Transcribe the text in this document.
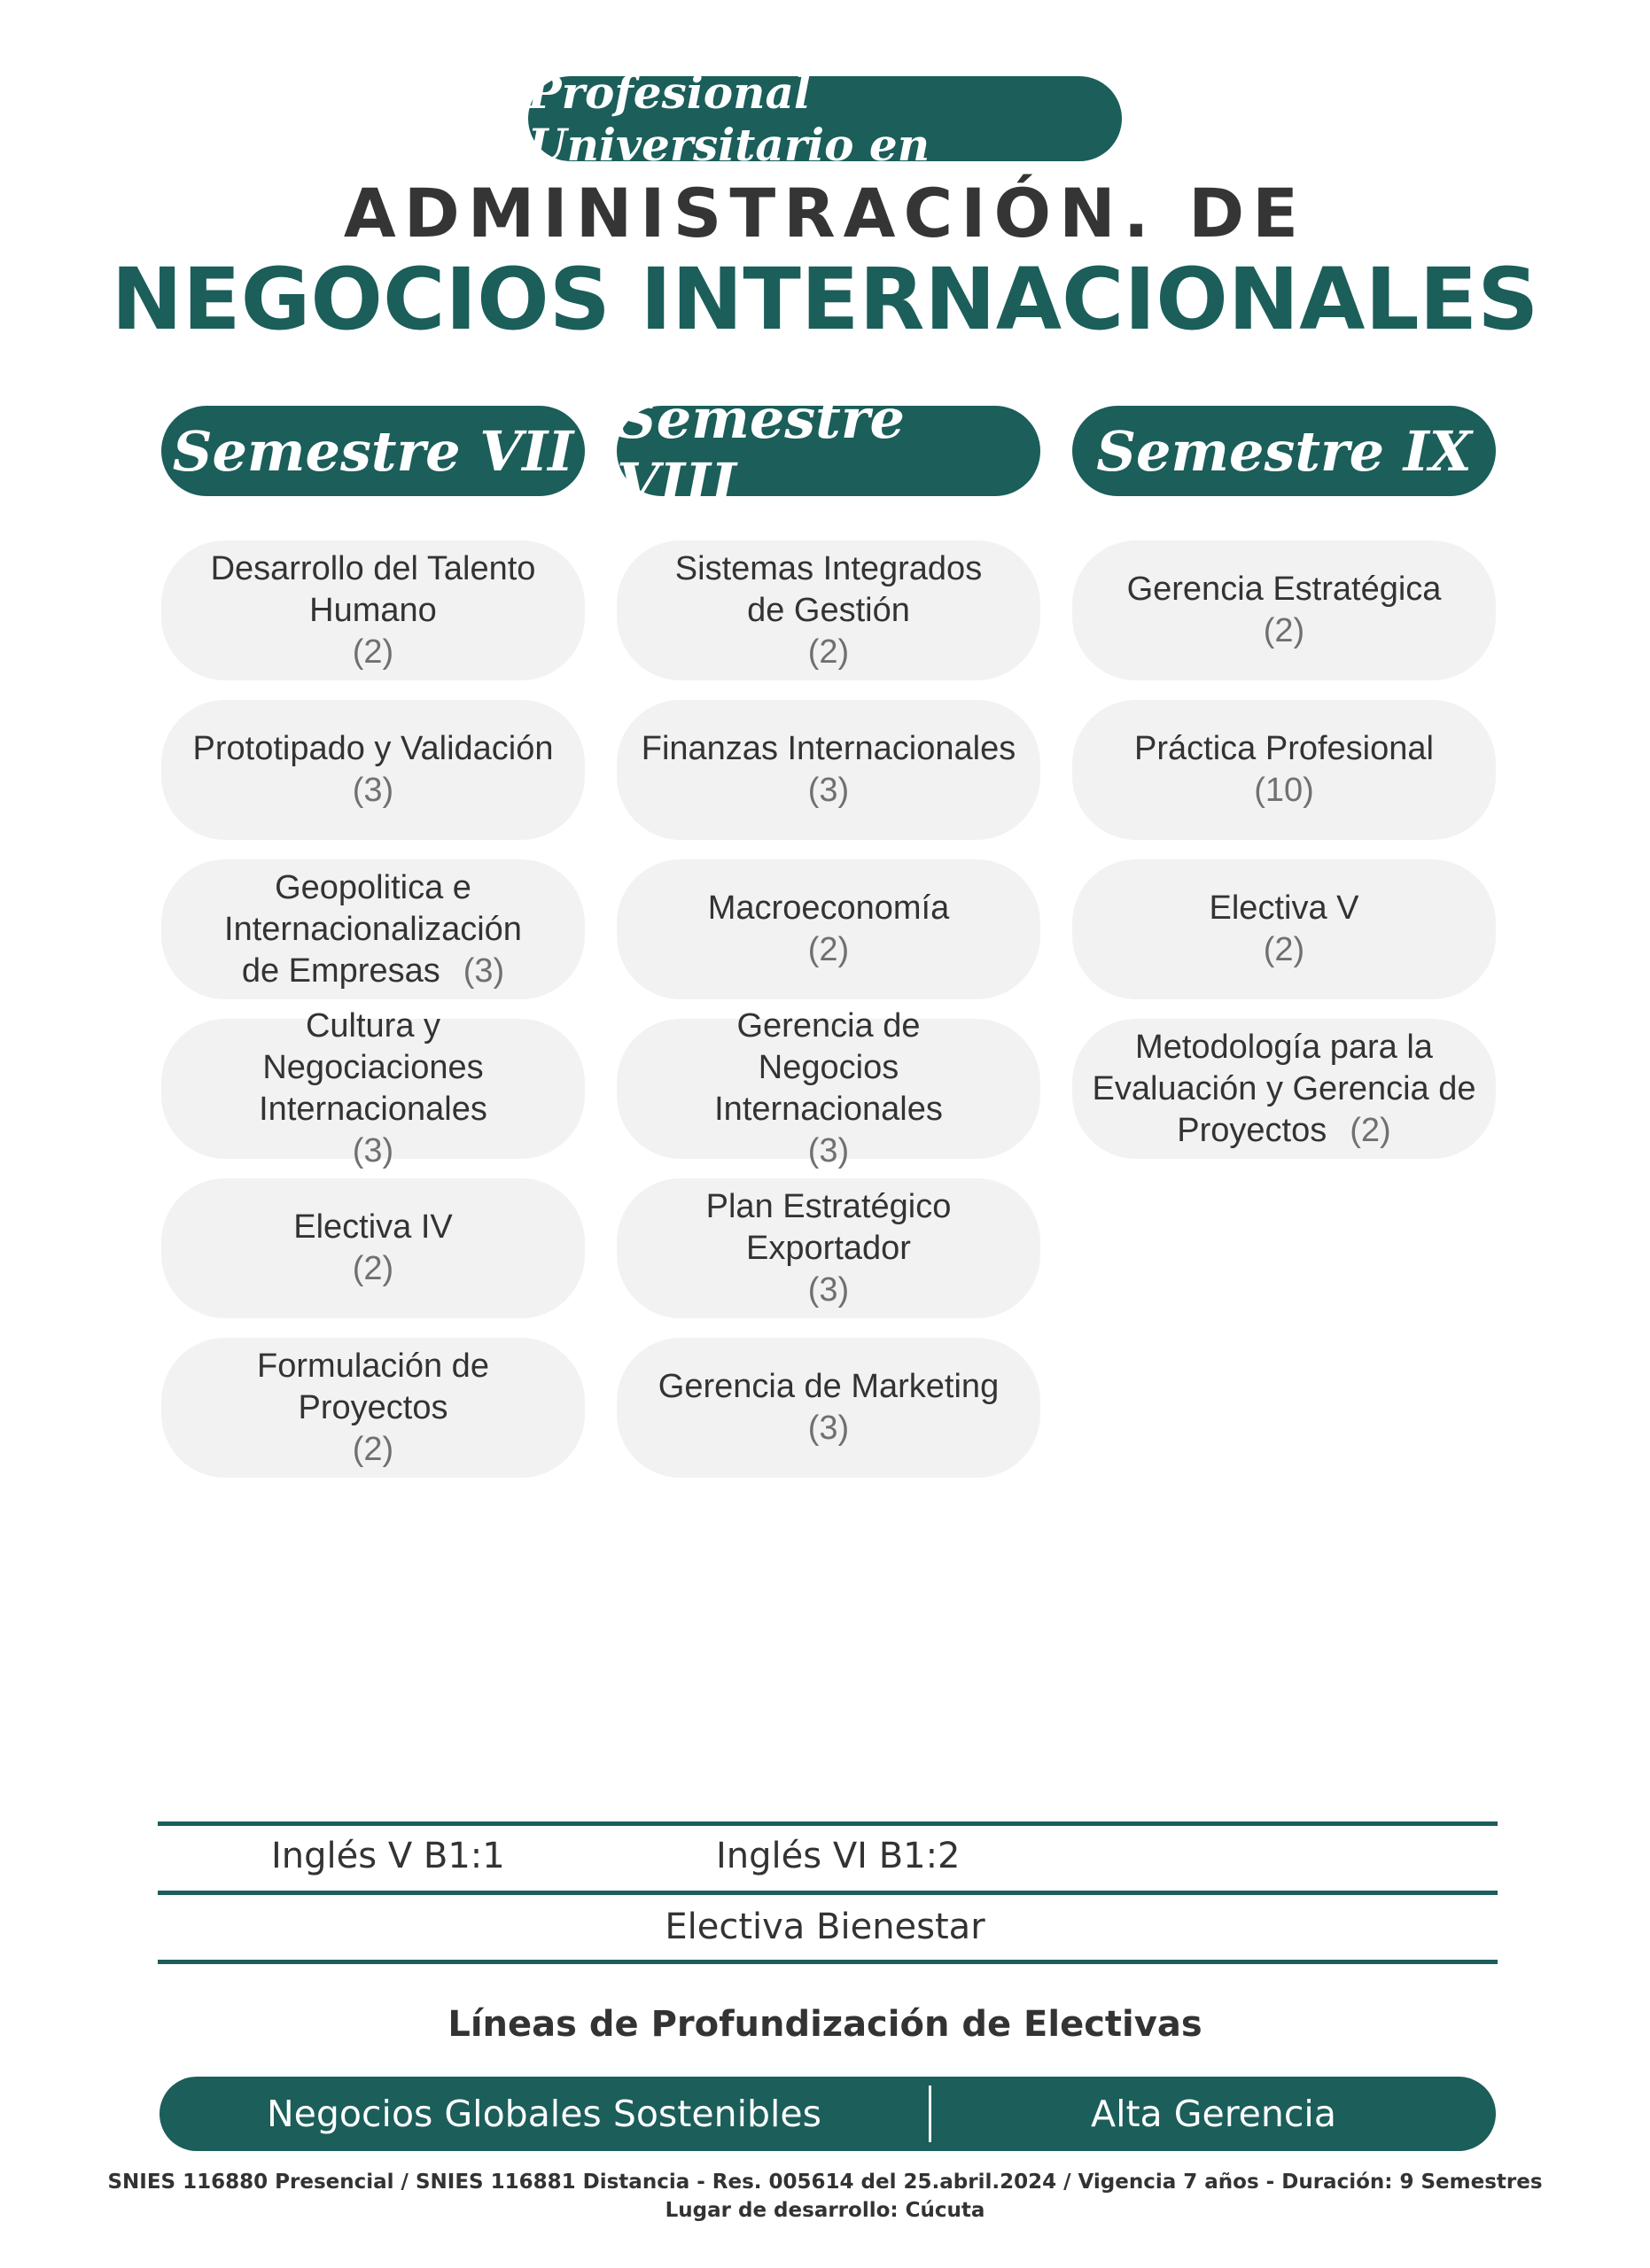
Profesional Universitario en
ADMINISTRACIÓN. DE
NEGOCIOS INTERNACIONALES
Semestre VII
Desarrollo del Talento Humano
(2)
Prototipado y Validación
(3)
Geopolitica e Internacionalización de Empresas (3)
Cultura y Negociaciones Internacionales
(3)
Electiva IV
(2)
Formulación de Proyectos
(2)
Semestre VIII
Sistemas Integrados de Gestión
(2)
Finanzas Internacionales
(3)
Macroeconomía
(2)
Gerencia de Negocios Internacionales
(3)
Plan Estratégico Exportador
(3)
Gerencia de Marketing
(3)
Semestre IX
Gerencia Estratégica
(2)
Práctica Profesional
(10)
Electiva V
(2)
Metodología para la Evaluación y Gerencia de Proyectos (2)
Inglés V B1:1	Inglés VI B1:2
Electiva Bienestar
Líneas de Profundización de Electivas
Negocios Globales Sostenibles	Alta Gerencia
SNIES 116880 Presencial / SNIES 116881 Distancia - Res. 005614 del 25.abril.2024 / Vigencia 7 años - Duración: 9 Semestres
Lugar de desarrollo: Cúcuta
